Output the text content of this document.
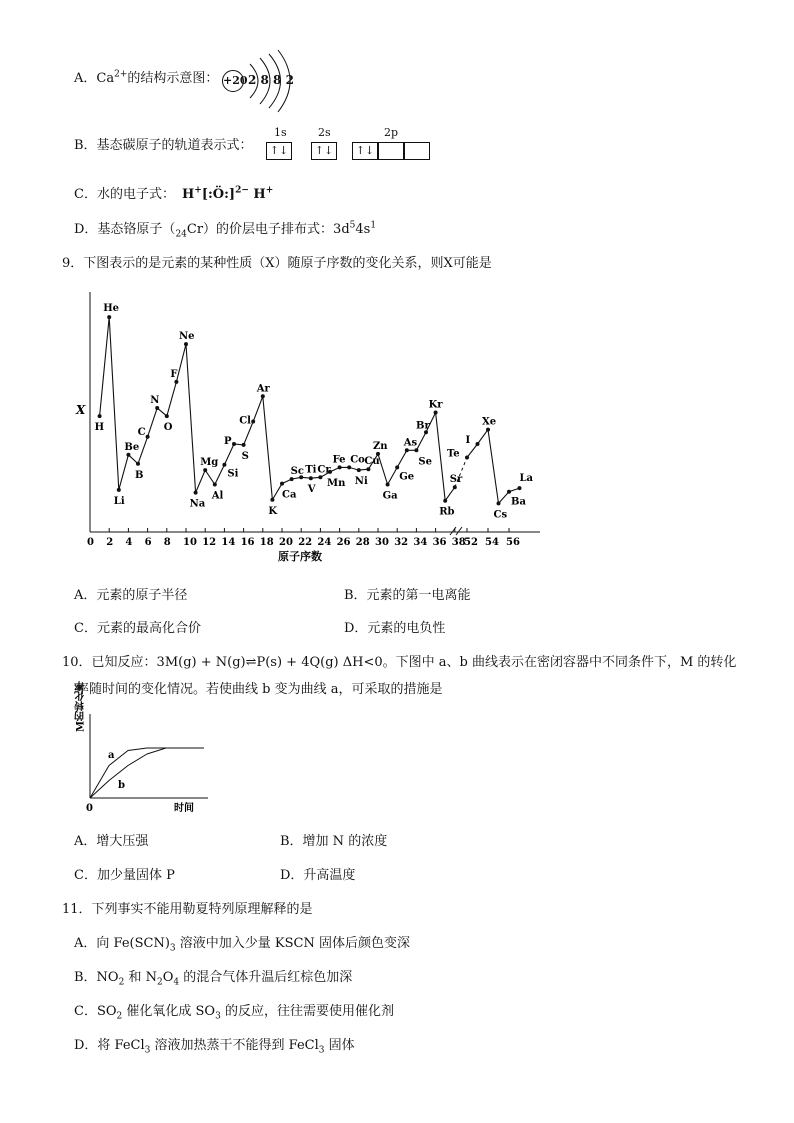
A．$Ca^{2+}$的结构示意图： +20 2 8 8 2
B．基态碳原子的轨道表示式：
1s	2s	2p
↑↓	↑↓	↑↓
C．水的电子式： H+[:Ö:]$^{2-}$ H+
D．基态铬原子$(_{24}Cr)$的价层电子排布式：$3d^54s^1$
9．下图表示的是元素的某种性质（X）随原子序数的变化关系，则X可能是
X
原子序数
0 2 4 6 8 10 12 14 16 18 20 22 24 26 28 30 32 34 36 38
52 54 56
H
He
Li
Be
B
C
N
O
F
Ne
Na
Mg
Al
Si
P
S
Cl
Ar
K
Ca
Sc Ti
V
Cr
Mn
Fe Co
Ni
Cu
Zn
Ga
Ge
As
Se
Br
Kr
Rb
Sr
Te
I
Xe
Cs
Ba
La
A．元素的原子半径	B．元素的第一电离能
C．元素的最高化合价	D．元素的电负性
10．已知反应：3M(g) + N(g)⇌P(s) + 4Q(g) ΔH<0。下图中 a、b 曲线表示在密闭容器中不同条件下，M 的转化
率随时间的变化情况。若使曲线 b 变为曲线 a，可采取的措施是
0	时间
M的转化率
a
b
A．增大压强	B．增加 N 的浓度
C．加少量固体 P	D．升高温度
11．下列事实不能用勒夏特列原理解释的是
A．向 $Fe(SCN)_3$ 溶液中加入少量 KSCN 固体后颜色变深
B．$NO_2$ 和 $N_2O_4$ 的混合气体升温后红棕色加深
C．$SO_2$ 催化氧化成 $SO_3$ 的反应，往往需要使用催化剂
D．将 FeCl$_3$ 溶液加热蒸干不能得到 FeCl$_3$ 固体
